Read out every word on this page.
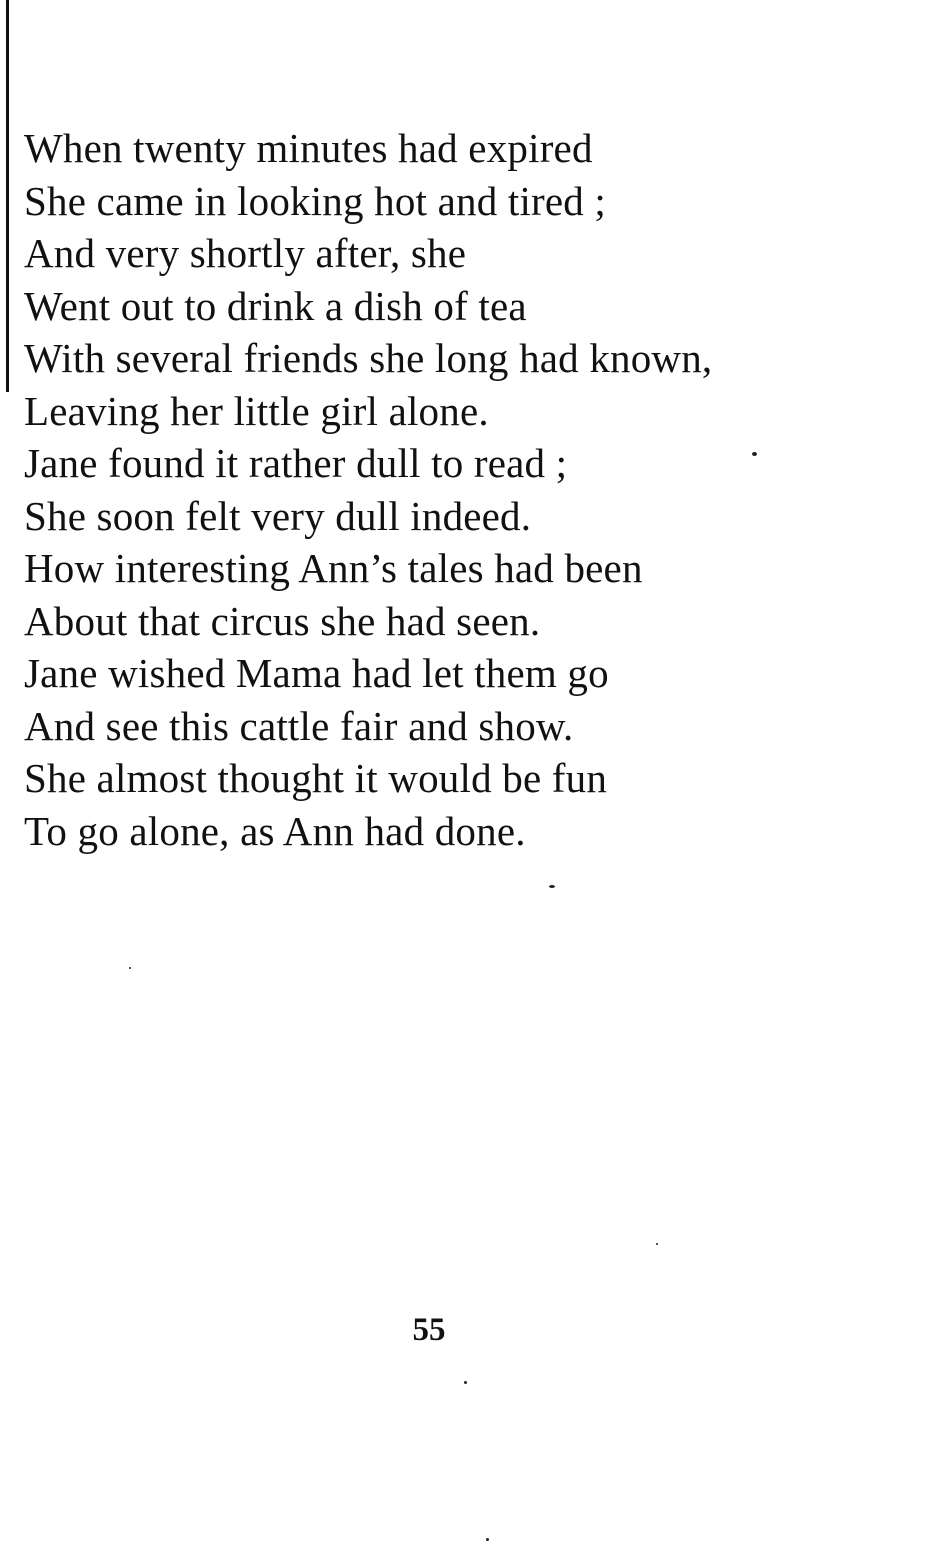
When twenty minutes had expired
She came in looking hot and tired ;
And very shortly after, she
Went out to drink a dish of tea
With several friends she long had known,
Leaving her little girl alone.
Jane found it rather dull to read ;
She soon felt very dull indeed.
How interesting Ann’s tales had been
About that circus she had seen.
Jane wished Mama had let them go
And see this cattle fair and show.
She almost thought it would be fun
To go alone, as Ann had done.
55
